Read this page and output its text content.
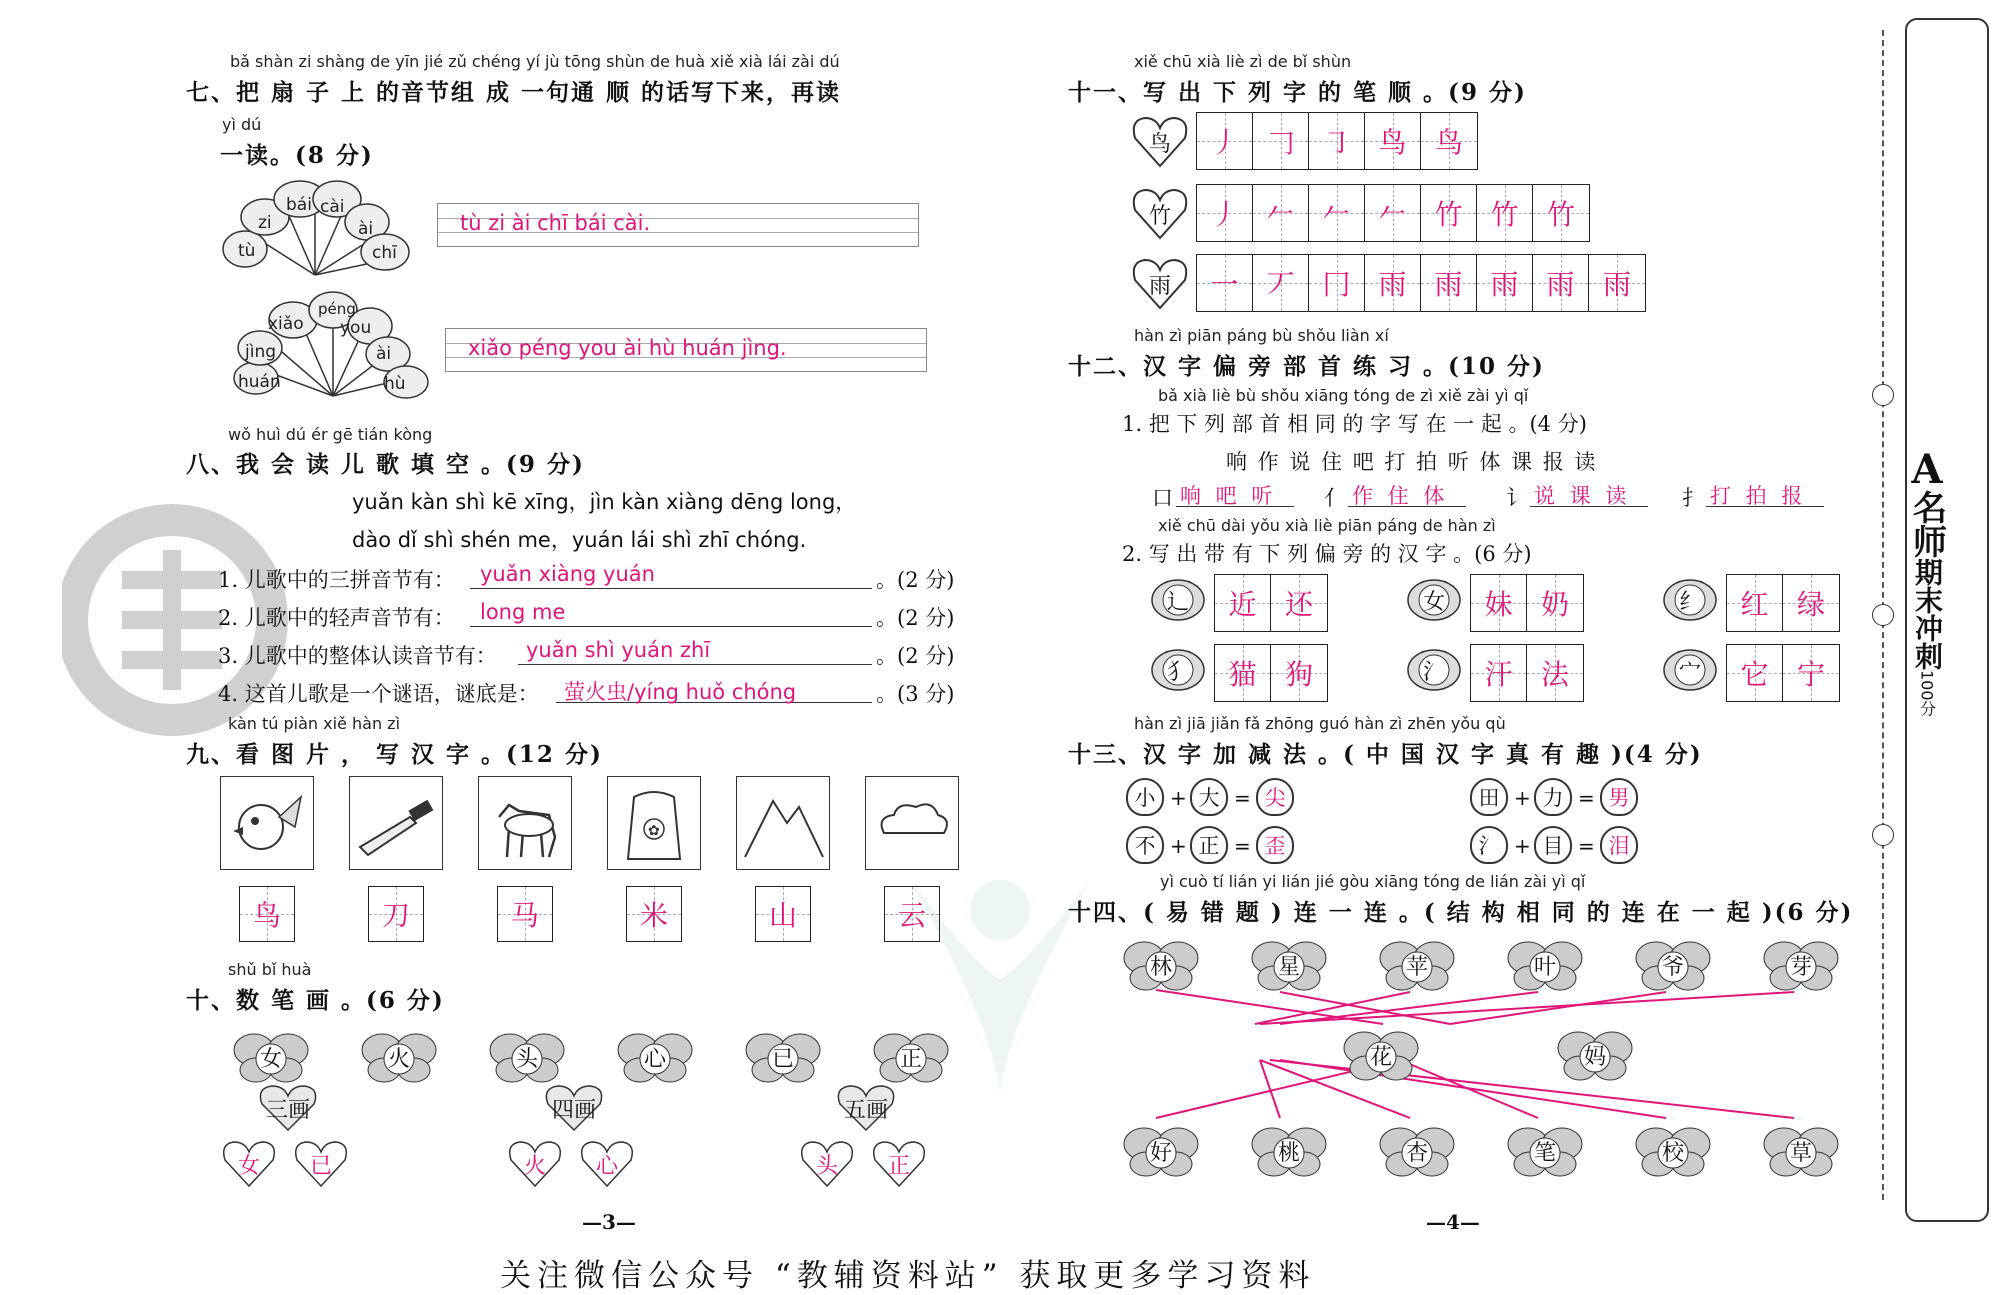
bǎ shàn zi shàng de yīn jié zǔ chéng yí jù tōng shùn de huà xiě xià lái zài dú
七、把 扇 子 上 的音节组 成 一句通 顺 的话写下来，再读
yì dú
一读。(8 分)
bái cài
zi	ài
tù	chī
tù zi ài chī bái cài.
péng
xiǎo you
jìng	ài
huán	hù
xiǎo péng you ài hù huán jìng.
wǒ huì dú ér gē tián kòng
八、我 会 读 儿 歌 填 空 。(9 分)
yuǎn kàn shì kē xīng，jìn kàn xiàng dēng long，
dào dǐ shì shén me，yuán lái shì zhī chóng.
1. 儿歌中的三拼音节有： yuǎn xiàng yuán	。(2 分)
2. 儿歌中的轻声音节有： long me	。(2 分)
3. 儿歌中的整体认读音节有： yuǎn shì yuán zhī	。(2 分)
4. 这首儿歌是一个谜语，谜底是： 萤火虫/yíng huǒ chóng	。(3 分)
kàn tú piàn xiě hàn zì
九、看 图 片 ， 写 汉 字 。(12 分)
✿
鸟	刀	马	米	山	云
shǔ bǐ huà
十、数 笔 画 。(6 分)
女	火	头	心	已	正
三画
女 已
四画
火 心
五画
头 正
—3—
xiě chū xià liè zì de bǐ shùn
十一、写 出 下 列 字 的 笔 顺 。(9 分)
鸟 丿 𠃌 ㇆ 鸟 鸟
竹 丿 𠂉 𠂉 𠂉 竹 竹 竹
雨 一 丆 冂 雨 雨 雨 雨 雨
hàn zì piān páng bù shǒu liàn xí
十二、汉 字 偏 旁 部 首 练 习 。(10 分)
bǎ xià liè bù shǒu xiāng tóng de zì xiě zài yì qǐ
1. 把 下 列 部 首 相 同 的 字 写 在 一 起 。(4 分)
响 作 说 住 吧 打 拍 听 体 课 报 读
口 响 吧 听 亻 作 住 体	讠 说 课 读 扌 打 拍 报
xiě chū dài yǒu xià liè piān páng de hàn zì
2. 写 出 带 有 下 列 偏 旁 的 汉 字 。(6 分)
辶 近 还	女 妹 奶	纟 红 绿
犭 猫 狗	氵 汗 法	宀 它 宁
hàn zì jiā jiǎn fǎ zhōng guó hàn zì zhēn yǒu qù
十三、汉 字 加 减 法 。( 中 国 汉 字 真 有 趣 )(4 分)
小 + 大 = 尖	田 + 力 = 男
不 + 正 = 歪	氵 + 目 = 泪
yì cuò tí lián yi lián jié gòu xiāng tóng de lián zài yì qǐ
十四、( 易 错 题 ) 连 一 连 。( 结 构 相 同 的 连 在 一 起 )(6 分)
林	星	苹	叶	爷	芽
花	妈
好	桃	杏	笔	校	草
—4—
A
名师
期末冲刺
100分
关注微信公众号 “教辅资料站” 获取更多学习资料
